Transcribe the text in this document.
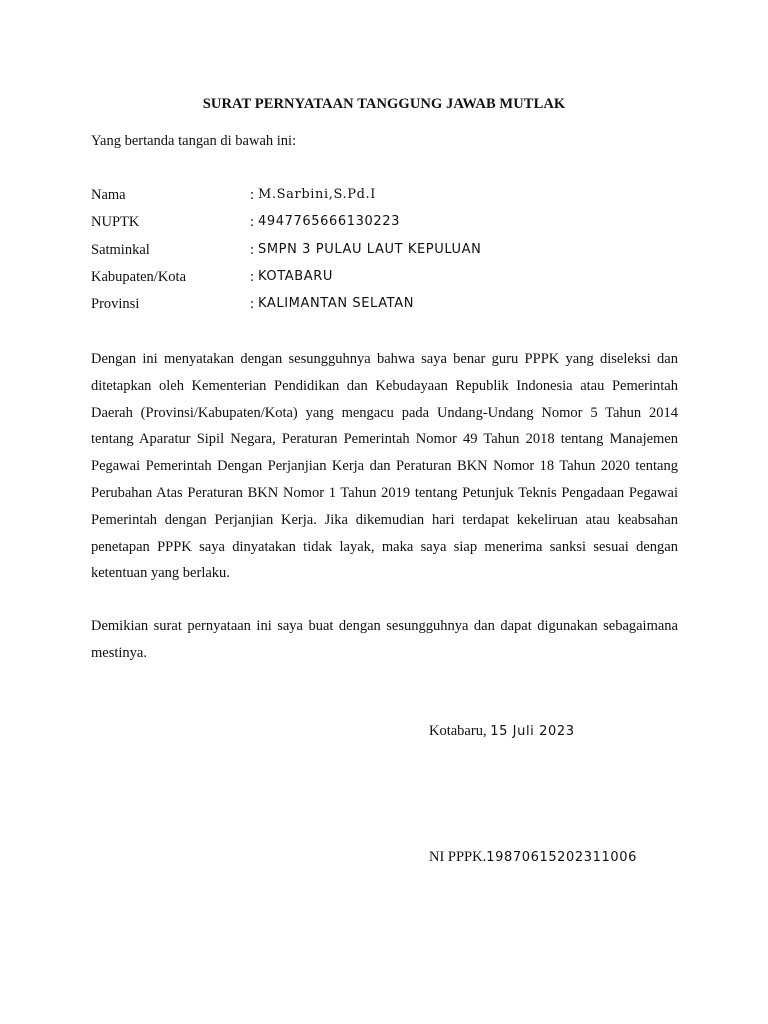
SURAT PERNYATAAN TANGGUNG JAWAB MUTLAK
Yang bertanda tangan di bawah ini:
Nama	: M.Sarbini,S.Pd.I
NUPTK	: 4947765666130223
Satminkal	: SMPN 3 PULAU LAUT KEPULUAN
Kabupaten/Kota	: KOTABARU
Provinsi	: KALIMANTAN SELATAN
Dengan ini menyatakan dengan sesungguhnya bahwa saya benar guru PPPK yang diseleksi dan ditetapkan oleh Kementerian Pendidikan dan Kebudayaan Republik Indonesia atau Pemerintah Daerah (Provinsi/Kabupaten/Kota) yang mengacu pada Undang-Undang Nomor 5 Tahun 2014 tentang Aparatur Sipil Negara, Peraturan Pemerintah Nomor 49 Tahun 2018 tentang Manajemen Pegawai Pemerintah Dengan Perjanjian Kerja dan Peraturan BKN Nomor 18 Tahun 2020 tentang Perubahan Atas Peraturan BKN Nomor 1 Tahun 2019 tentang Petunjuk Teknis Pengadaan Pegawai Pemerintah dengan Perjanjian Kerja. Jika dikemudian hari terdapat kekeliruan atau keabsahan penetapan PPPK saya dinyatakan tidak layak, maka saya siap menerima sanksi sesuai dengan ketentuan yang berlaku.
Demikian surat pernyataan ini saya buat dengan sesungguhnya dan dapat digunakan sebagaimana mestinya.
Kotabaru, 15 Juli 2023
NI PPPK.19870615202311006
